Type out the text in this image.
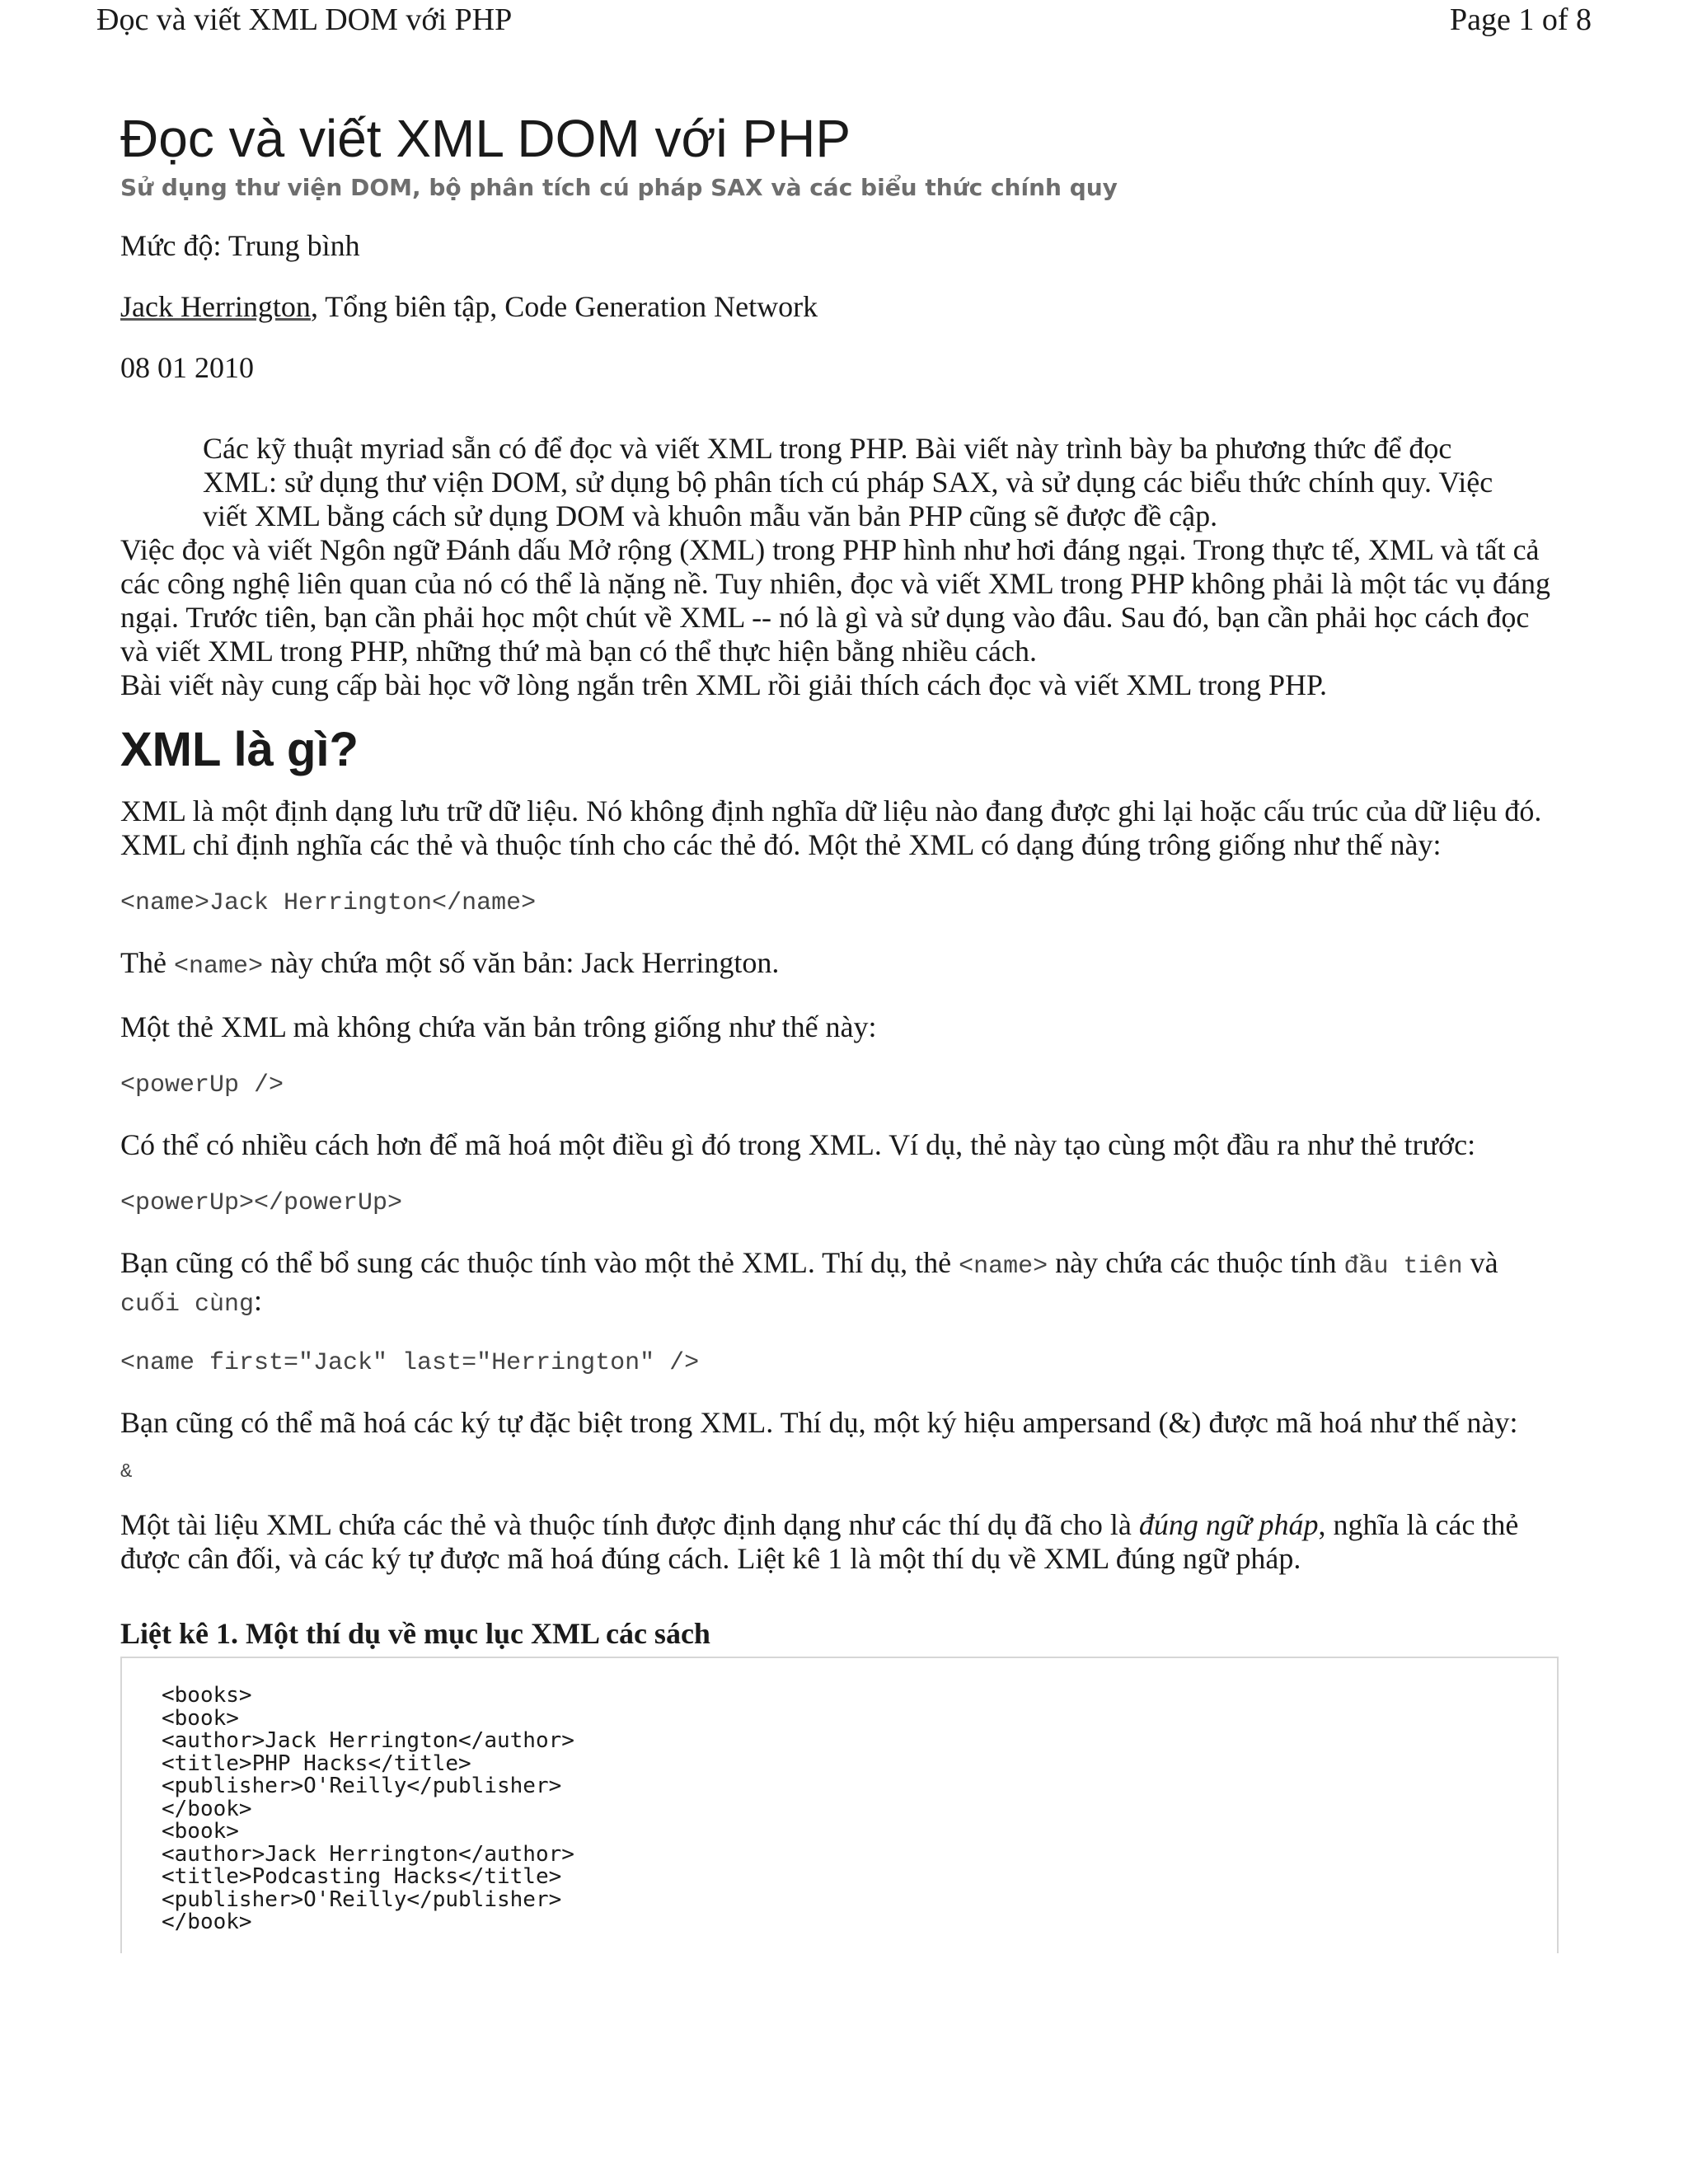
Đọc và viết XML DOM với PHP	Page 1 of 8
Đọc và viết XML DOM với PHP
Sử dụng thư viện DOM, bộ phân tích cú pháp SAX và các biểu thức chính quy
Mức độ: Trung bình
Jack Herrington, Tổng biên tập, Code Generation Network
08 01 2010
Các kỹ thuật myriad sẵn có để đọc và viết XML trong PHP. Bài viết này trình bày ba phương thức để đọc XML: sử dụng thư viện DOM, sử dụng bộ phân tích cú pháp SAX, và sử dụng các biểu thức chính quy. Việc viết XML bằng cách sử dụng DOM và khuôn mẫu văn bản PHP cũng sẽ được đề cập.

Việc đọc và viết Ngôn ngữ Đánh dấu Mở rộng (XML) trong PHP hình như hơi đáng ngại. Trong thực tế, XML và tất cả các công nghệ liên quan của nó có thể là nặng nề. Tuy nhiên, đọc và viết XML trong PHP không phải là một tác vụ đáng ngại. Trước tiên, bạn cần phải học một chút về XML -- nó là gì và sử dụng vào đâu. Sau đó, bạn cần phải học cách đọc và viết XML trong PHP, những thứ mà bạn có thể thực hiện bằng nhiều cách.

Bài viết này cung cấp bài học vỡ lòng ngắn trên XML rồi giải thích cách đọc và viết XML trong PHP.

XML là gì?

XML là một định dạng lưu trữ dữ liệu. Nó không định nghĩa dữ liệu nào đang được ghi lại hoặc cấu trúc của dữ liệu đó. XML chỉ định nghĩa các thẻ và thuộc tính cho các thẻ đó. Một thẻ XML có dạng đúng trông giống như thế này:

<name>Jack Herrington</name>

Thẻ <name> này chứa một số văn bản: Jack Herrington.

Một thẻ XML mà không chứa văn bản trông giống như thế này:

<powerUp />

Có thể có nhiều cách hơn để mã hoá một điều gì đó trong XML. Ví dụ, thẻ này tạo cùng một đầu ra như thẻ trước:

<powerUp></powerUp>

Bạn cũng có thể bổ sung các thuộc tính vào một thẻ XML. Thí dụ, thẻ <name> này chứa các thuộc tính đầu tiên và cuối cùng:

<name first="Jack" last="Herrington" />

Bạn cũng có thể mã hoá các ký tự đặc biệt trong XML. Thí dụ, một ký hiệu ampersand (&) được mã hoá như thế này:

&

Một tài liệu XML chứa các thẻ và thuộc tính được định dạng như các thí dụ đã cho là đúng ngữ pháp, nghĩa là các thẻ được cân đối, và các ký tự được mã hoá đúng cách. Liệt kê 1 là một thí dụ về XML đúng ngữ pháp.

Liệt kê 1. Một thí dụ về mục lục XML các sách
<books>
<book>
<author>Jack Herrington</author>
<title>PHP Hacks</title>
<publisher>O'Reilly</publisher>
</book>
<book>
<author>Jack Herrington</author>
<title>Podcasting Hacks</title>
<publisher>O'Reilly</publisher>
</book>
